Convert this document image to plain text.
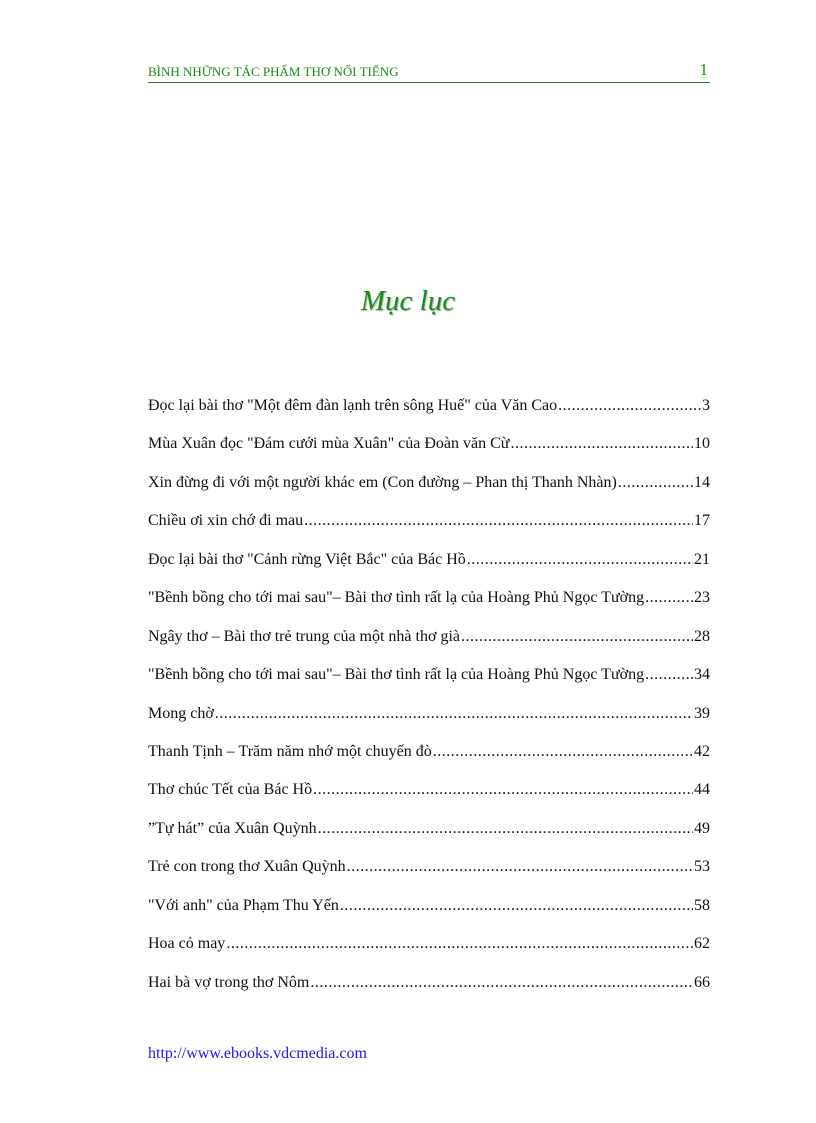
BÌNH NHỮNG TÁC PHẨM THƠ NỔI TIẾNG	1
Mục lục
Đọc lại bài thơ "Một đêm đàn lạnh trên sông Huế" của Văn Cao .....	3
Mùa Xuân đọc "Đám cưới mùa Xuân" của Đoàn văn Cừ .....	10
Xin đừng đi với một người khác em (Con đường – Phan thị Thanh Nhàn) .....	14
Chiều ơi xin chớ đi mau .....	17
Đọc lại bài thơ "Cảnh rừng Việt Bắc" của Bác Hồ .....	21
"Bềnh bồng cho tới mai sau"– Bài thơ tình rất lạ của Hoàng Phủ Ngọc Tường .....	23
Ngây thơ – Bài thơ trẻ trung của một nhà thơ già .....	28
"Bềnh bồng cho tới mai sau"– Bài thơ tình rất lạ của Hoàng Phủ Ngọc Tường .....	34
Mong chờ .....	39
Thanh Tịnh – Trăm năm nhớ một chuyến đò .....	42
Thơ chúc Tết của Bác Hồ .....	44
”Tự hát” của Xuân Quỳnh .....	49
Trẻ con trong thơ Xuân Quỳnh .....	53
"Với anh" của Phạm Thu Yến .....	58
Hoa cỏ may .....	62
Hai bà vợ trong thơ Nôm .....	66
http://www.ebooks.vdcmedia.com
